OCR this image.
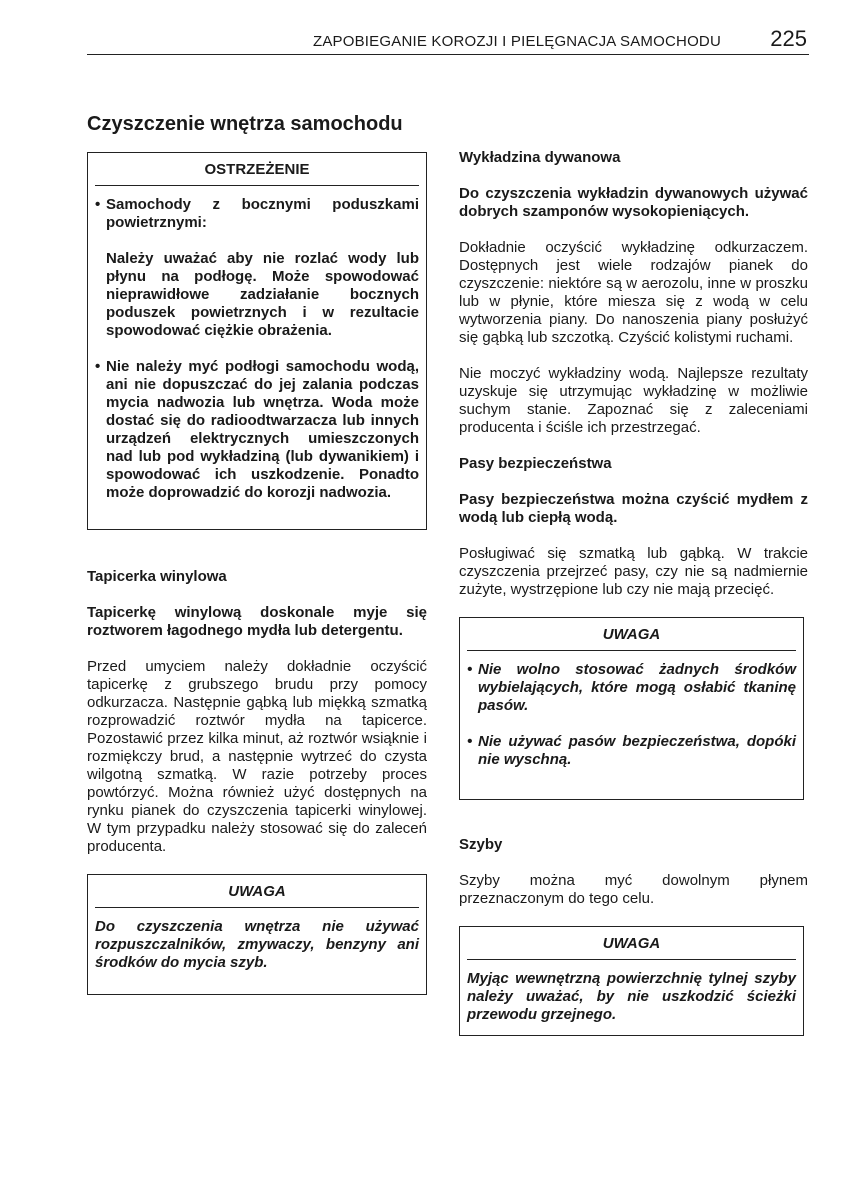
ZAPOBIEGANIE KOROZJI I PIELĘGNACJA SAMOCHODU 225
Czyszczenie wnętrza samochodu

OSTRZEŻENIE

• Samochody z bocznymi poduszkami powietrznymi:

Należy uważać aby nie rozlać wody lub płynu na podłogę. Może spowodować nieprawidłowe zadziałanie bocznych poduszek powietrznych i w rezultacie spowodować ciężkie obrażenia.

• Nie należy myć podłogi samochodu wodą, ani nie dopuszczać do jej zalania podczas mycia nadwozia lub wnętrza. Woda może dostać się do radioodtwarzacza lub innych urządzeń elektrycznych umieszczonych nad lub pod wykładziną (lub dywanikiem) i spowodować ich uszkodzenie. Ponadto może doprowadzić do korozji nadwozia.

Tapicerka winylowa

Tapicerkę winylową doskonale myje się roztworem łagodnego mydła lub detergentu.

Przed umyciem należy dokładnie oczyścić tapicerkę z grubszego brudu przy pomocy odkurzacza. Następnie gąbką lub miękką szmatką rozprowadzić roztwór mydła na tapicerce. Pozostawić przez kilka minut, aż roztwór wsiąknie i rozmiękczy brud, a następnie wytrzeć do czysta wilgotną szmatką. W razie potrzeby proces powtórzyć. Można również użyć dostępnych na rynku pianek do czyszczenia tapicerki winylowej. W tym przypadku należy stosować się do zaleceń producenta.

UWAGA

Do czyszczenia wnętrza nie używać rozpuszczalników, zmywaczy, benzyny ani środków do mycia szyb.

Wykładzina dywanowa

Do czyszczenia wykładzin dywanowych używać dobrych szamponów wysokopieniących.

Dokładnie oczyścić wykładzinę odkurzaczem. Dostępnych jest wiele rodzajów pianek do czyszczenie: niektóre są w aerozolu, inne w proszku lub w płynie, które miesza się z wodą w celu wytworzenia piany. Do nanoszenia piany posłużyć się gąbką lub szczotką. Czyścić kolistymi ruchami.

Nie moczyć wykładziny wodą. Najlepsze rezultaty uzyskuje się utrzymując wykładzinę w możliwie suchym stanie. Zapoznać się z zaleceniami producenta i ściśle ich przestrzegać.

Pasy bezpieczeństwa

Pasy bezpieczeństwa można czyścić mydłem z wodą lub ciepłą wodą.

Posługiwać się szmatką lub gąbką. W trakcie czyszczenia przejrzeć pasy, czy nie są nadmiernie zużyte, wystrzępione lub czy nie mają przecięć.

UWAGA

• Nie wolno stosować żadnych środków wybielających, które mogą osłabić tkaninę pasów.
• Nie używać pasów bezpieczeństwa, dopóki nie wyschną.

Szyby

Szyby można myć dowolnym płynem przeznaczonym do tego celu.

UWAGA

Myjąc wewnętrzną powierzchnię tylnej szyby należy uważać, by nie uszkodzić ścieżki przewodu grzejnego.
